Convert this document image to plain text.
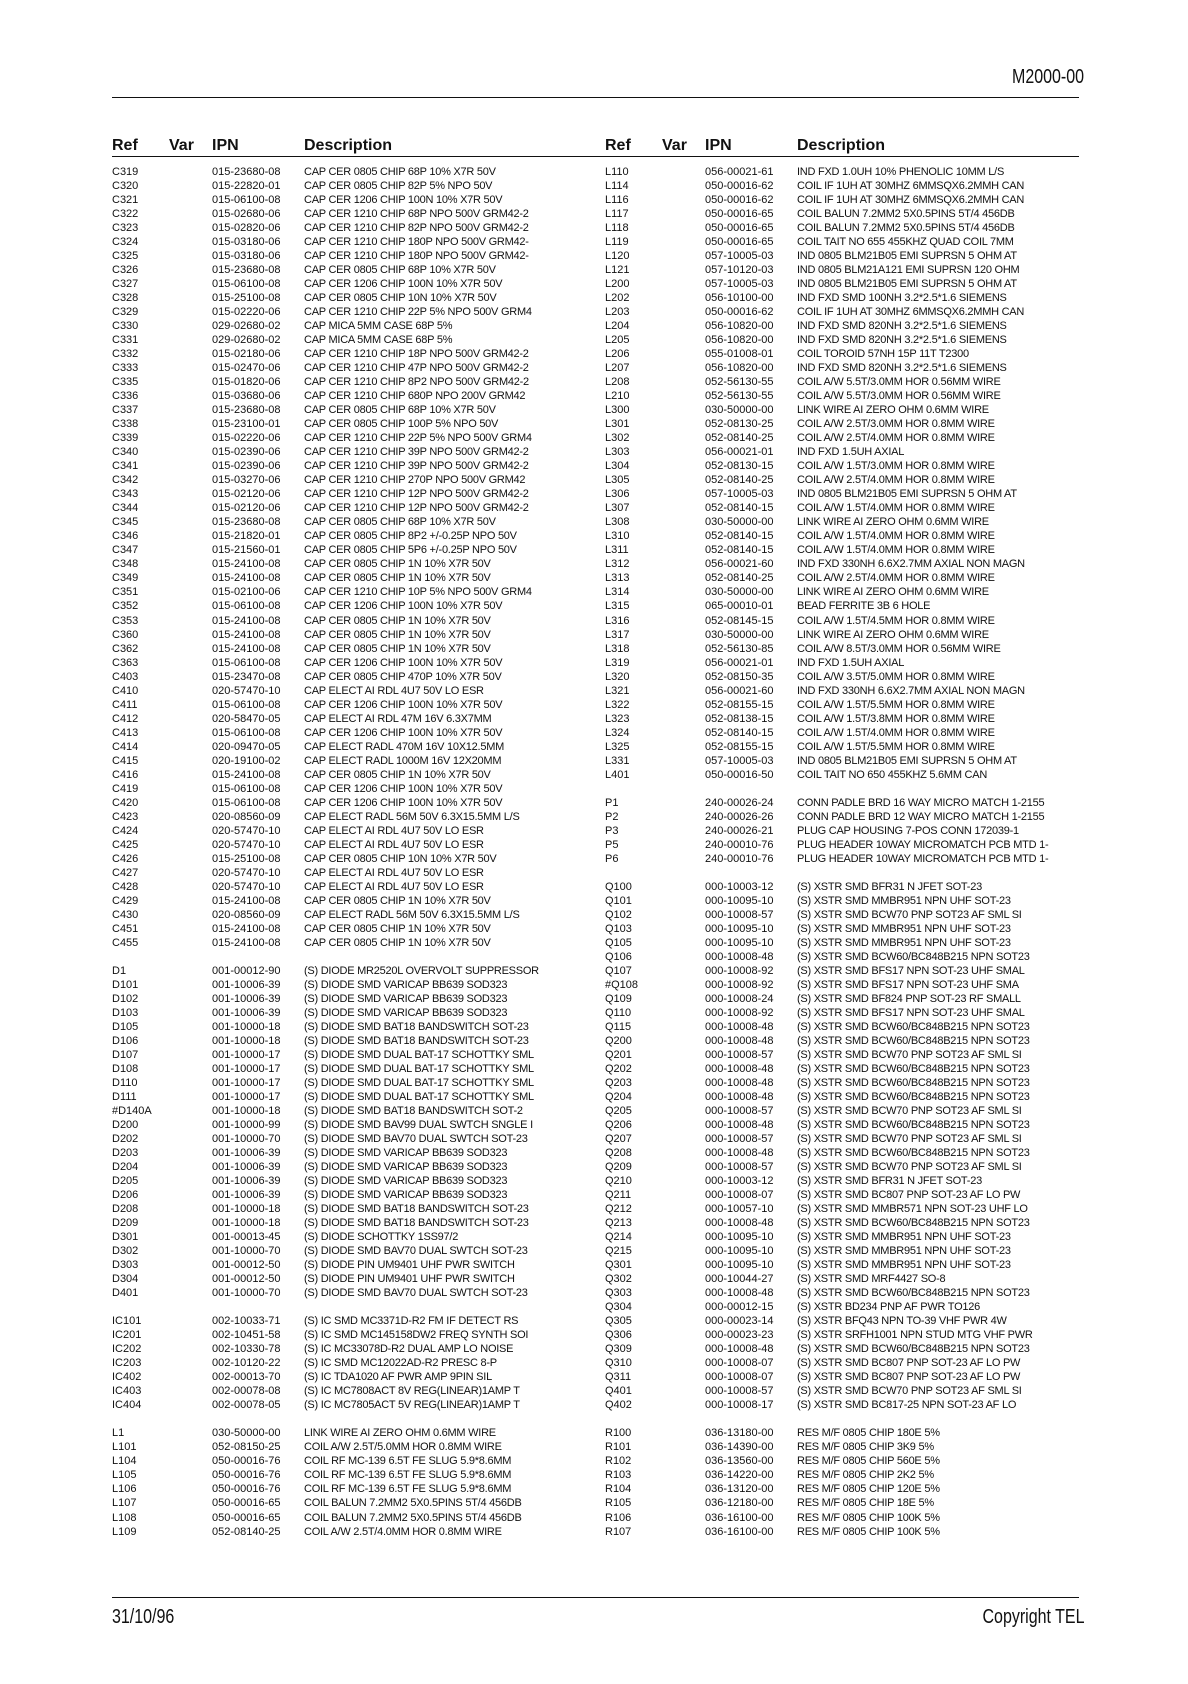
M2000-00
Ref	Var	IPN	Description
C319	015-23680-08	CAP CER 0805 CHIP 68P 10% X7R 50V
C320	015-22820-01	CAP CER 0805 CHIP 82P 5% NPO 50V
C321	015-06100-08	CAP CER 1206 CHIP 100N 10% X7R 50V
C322	015-02680-06	CAP CER 1210 CHIP 68P NPO 500V GRM42-2
C323	015-02820-06	CAP CER 1210 CHIP 82P NPO 500V GRM42-2
C324	015-03180-06	CAP CER 1210 CHIP 180P NPO 500V GRM42-
C325	015-03180-06	CAP CER 1210 CHIP 180P NPO 500V GRM42-
C326	015-23680-08	CAP CER 0805 CHIP 68P 10% X7R 50V
C327	015-06100-08	CAP CER 1206 CHIP 100N 10% X7R 50V
C328	015-25100-08	CAP CER 0805 CHIP 10N 10% X7R 50V
C329	015-02220-06	CAP CER 1210 CHIP 22P 5% NPO 500V GRM4
C330	029-02680-02	CAP MICA 5MM CASE 68P 5%
C331	029-02680-02	CAP MICA 5MM CASE 68P 5%
C332	015-02180-06	CAP CER 1210 CHIP 18P NPO 500V GRM42-2
C333	015-02470-06	CAP CER 1210 CHIP 47P NPO 500V GRM42-2
C335	015-01820-06	CAP CER 1210 CHIP 8P2 NPO 500V GRM42-2
C336	015-03680-06	CAP CER 1210 CHIP 680P NPO 200V GRM42
C337	015-23680-08	CAP CER 0805 CHIP 68P 10% X7R 50V
C338	015-23100-01	CAP CER 0805 CHIP 100P 5% NPO 50V
C339	015-02220-06	CAP CER 1210 CHIP 22P 5% NPO 500V GRM4
C340	015-02390-06	CAP CER 1210 CHIP 39P NPO 500V GRM42-2
C341	015-02390-06	CAP CER 1210 CHIP 39P NPO 500V GRM42-2
C342	015-03270-06	CAP CER 1210 CHIP 270P NPO 500V GRM42
C343	015-02120-06	CAP CER 1210 CHIP 12P NPO 500V GRM42-2
C344	015-02120-06	CAP CER 1210 CHIP 12P NPO 500V GRM42-2
C345	015-23680-08	CAP CER 0805 CHIP 68P 10% X7R 50V
C346	015-21820-01	CAP CER 0805 CHIP 8P2 +/-0.25P NPO 50V
C347	015-21560-01	CAP CER 0805 CHIP 5P6 +/-0.25P NPO 50V
C348	015-24100-08	CAP CER 0805 CHIP 1N 10% X7R 50V
C349	015-24100-08	CAP CER 0805 CHIP 1N 10% X7R 50V
C351	015-02100-06	CAP CER 1210 CHIP 10P 5% NPO 500V GRM4
C352	015-06100-08	CAP CER 1206 CHIP 100N 10% X7R 50V
C353	015-24100-08	CAP CER 0805 CHIP 1N 10% X7R 50V
C360	015-24100-08	CAP CER 0805 CHIP 1N 10% X7R 50V
C362	015-24100-08	CAP CER 0805 CHIP 1N 10% X7R 50V
C363	015-06100-08	CAP CER 1206 CHIP 100N 10% X7R 50V
C403	015-23470-08	CAP CER 0805 CHIP 470P 10% X7R 50V
C410	020-57470-10	CAP ELECT AI RDL 4U7 50V LO ESR
C411	015-06100-08	CAP CER 1206 CHIP 100N 10% X7R 50V
C412	020-58470-05	CAP ELECT AI RDL 47M 16V 6.3X7MM
C413	015-06100-08	CAP CER 1206 CHIP 100N 10% X7R 50V
C414	020-09470-05	CAP ELECT RADL 470M 16V 10X12.5MM
C415	020-19100-02	CAP ELECT RADL 1000M 16V 12X20MM
C416	015-24100-08	CAP CER 0805 CHIP 1N 10% X7R 50V
C419	015-06100-08	CAP CER 1206 CHIP 100N 10% X7R 50V
C420	015-06100-08	CAP CER 1206 CHIP 100N 10% X7R 50V
C423	020-08560-09	CAP ELECT RADL 56M 50V 6.3X15.5MM L/S
C424	020-57470-10	CAP ELECT AI RDL 4U7 50V LO ESR
C425	020-57470-10	CAP ELECT AI RDL 4U7 50V LO ESR
C426	015-25100-08	CAP CER 0805 CHIP 10N 10% X7R 50V
C427	020-57470-10	CAP ELECT AI RDL 4U7 50V LO ESR
C428	020-57470-10	CAP ELECT AI RDL 4U7 50V LO ESR
C429	015-24100-08	CAP CER 0805 CHIP 1N 10% X7R 50V
C430	020-08560-09	CAP ELECT RADL 56M 50V 6.3X15.5MM L/S
C451	015-24100-08	CAP CER 0805 CHIP 1N 10% X7R 50V
C455	015-24100-08	CAP CER 0805 CHIP 1N 10% X7R 50V
D1	001-00012-90	(S) DIODE MR2520L OVERVOLT SUPPRESSOR
D101	001-10006-39	(S) DIODE SMD VARICAP BB639 SOD323
D102	001-10006-39	(S) DIODE SMD VARICAP BB639 SOD323
D103	001-10006-39	(S) DIODE SMD VARICAP BB639 SOD323
D105	001-10000-18	(S) DIODE SMD BAT18 BANDSWITCH SOT-23
D106	001-10000-18	(S) DIODE SMD BAT18 BANDSWITCH SOT-23
D107	001-10000-17	(S) DIODE SMD DUAL BAT-17 SCHOTTKY SML
D108	001-10000-17	(S) DIODE SMD DUAL BAT-17 SCHOTTKY SML
D110	001-10000-17	(S) DIODE SMD DUAL BAT-17 SCHOTTKY SML
D111	001-10000-17	(S) DIODE SMD DUAL BAT-17 SCHOTTKY SML
#D140A	001-10000-18	(S) DIODE SMD BAT18 BANDSWITCH SOT-2
D200	001-10000-99	(S) DIODE SMD BAV99 DUAL SWTCH SNGLE I
D202	001-10000-70	(S) DIODE SMD BAV70 DUAL SWTCH SOT-23
D203	001-10006-39	(S) DIODE SMD VARICAP BB639 SOD323
D204	001-10006-39	(S) DIODE SMD VARICAP BB639 SOD323
D205	001-10006-39	(S) DIODE SMD VARICAP BB639 SOD323
D206	001-10006-39	(S) DIODE SMD VARICAP BB639 SOD323
D208	001-10000-18	(S) DIODE SMD BAT18 BANDSWITCH SOT-23
D209	001-10000-18	(S) DIODE SMD BAT18 BANDSWITCH SOT-23
D301	001-00013-45	(S) DIODE SCHOTTKY 1SS97/2
D302	001-10000-70	(S) DIODE SMD BAV70 DUAL SWTCH SOT-23
D303	001-00012-50	(S) DIODE PIN UM9401 UHF PWR SWITCH
D304	001-00012-50	(S) DIODE PIN UM9401 UHF PWR SWITCH
D401	001-10000-70	(S) DIODE SMD BAV70 DUAL SWTCH SOT-23
IC101	002-10033-71	(S) IC SMD MC3371D-R2 FM IF DETECT RS
IC201	002-10451-58	(S) IC SMD MC145158DW2 FREQ SYNTH SOI
IC202	002-10330-78	(S) IC MC33078D-R2 DUAL AMP LO NOISE
IC203	002-10120-22	(S) IC SMD MC12022AD-R2 PRESC 8-P
IC402	002-00013-70	(S) IC TDA1020 AF PWR AMP 9PIN SIL
IC403	002-00078-08	(S) IC MC7808ACT 8V REG(LINEAR)1AMP T
IC404	002-00078-05	(S) IC MC7805ACT 5V REG(LINEAR)1AMP T
L1	030-50000-00	LINK WIRE AI ZERO OHM 0.6MM WIRE
L101	052-08150-25	COIL A/W 2.5T/5.0MM HOR 0.8MM WIRE
L104	050-00016-76	COIL RF MC-139 6.5T FE SLUG 5.9*8.6MM
L105	050-00016-76	COIL RF MC-139 6.5T FE SLUG 5.9*8.6MM
L106	050-00016-76	COIL RF MC-139 6.5T FE SLUG 5.9*8.6MM
L107	050-00016-65	COIL BALUN 7.2MM2 5X0.5PINS 5T/4 456DB
L108	050-00016-65	COIL BALUN 7.2MM2 5X0.5PINS 5T/4 456DB
L109	052-08140-25	COIL A/W 2.5T/4.0MM HOR 0.8MM WIRE
Ref	Var	IPN	Description
L110	056-00021-61	IND FXD 1.0UH 10% PHENOLIC 10MM L/S
L114	050-00016-62	COIL IF 1UH AT 30MHZ 6MMSQX6.2MMH CAN
L116	050-00016-62	COIL IF 1UH AT 30MHZ 6MMSQX6.2MMH CAN
L117	050-00016-65	COIL BALUN 7.2MM2 5X0.5PINS 5T/4 456DB
L118	050-00016-65	COIL BALUN 7.2MM2 5X0.5PINS 5T/4 456DB
L119	050-00016-65	COIL TAIT NO 655 455KHZ QUAD COIL 7MM
L120	057-10005-03	IND 0805 BLM21B05 EMI SUPRSN 5 OHM AT
L121	057-10120-03	IND 0805 BLM21A121 EMI SUPRSN 120 OHM
L200	057-10005-03	IND 0805 BLM21B05 EMI SUPRSN 5 OHM AT
L202	056-10100-00	IND FXD SMD 100NH 3.2*2.5*1.6 SIEMENS
L203	050-00016-62	COIL IF 1UH AT 30MHZ 6MMSQX6.2MMH CAN
L204	056-10820-00	IND FXD SMD 820NH 3.2*2.5*1.6 SIEMENS
L205	056-10820-00	IND FXD SMD 820NH 3.2*2.5*1.6 SIEMENS
L206	055-01008-01	COIL TOROID 57NH 15P 11T T2300
L207	056-10820-00	IND FXD SMD 820NH 3.2*2.5*1.6 SIEMENS
L208	052-56130-55	COIL A/W 5.5T/3.0MM HOR 0.56MM WIRE
L210	052-56130-55	COIL A/W 5.5T/3.0MM HOR 0.56MM WIRE
L300	030-50000-00	LINK WIRE AI ZERO OHM 0.6MM WIRE
L301	052-08130-25	COIL A/W 2.5T/3.0MM HOR 0.8MM WIRE
L302	052-08140-25	COIL A/W 2.5T/4.0MM HOR 0.8MM WIRE
L303	056-00021-01	IND FXD 1.5UH AXIAL
L304	052-08130-15	COIL A/W 1.5T/3.0MM HOR 0.8MM WIRE
L305	052-08140-25	COIL A/W 2.5T/4.0MM HOR 0.8MM WIRE
L306	057-10005-03	IND 0805 BLM21B05 EMI SUPRSN 5 OHM AT
L307	052-08140-15	COIL A/W 1.5T/4.0MM HOR 0.8MM WIRE
L308	030-50000-00	LINK WIRE AI ZERO OHM 0.6MM WIRE
L310	052-08140-15	COIL A/W 1.5T/4.0MM HOR 0.8MM WIRE
L311	052-08140-15	COIL A/W 1.5T/4.0MM HOR 0.8MM WIRE
L312	056-00021-60	IND FXD 330NH 6.6X2.7MM AXIAL NON MAGN
L313	052-08140-25	COIL A/W 2.5T/4.0MM HOR 0.8MM WIRE
L314	030-50000-00	LINK WIRE AI ZERO OHM 0.6MM WIRE
L315	065-00010-01	BEAD FERRITE 3B 6 HOLE
L316	052-08145-15	COIL A/W 1.5T/4.5MM HOR 0.8MM WIRE
L317	030-50000-00	LINK WIRE AI ZERO OHM 0.6MM WIRE
L318	052-56130-85	COIL A/W 8.5T/3.0MM HOR 0.56MM WIRE
L319	056-00021-01	IND FXD 1.5UH AXIAL
L320	052-08150-35	COIL A/W 3.5T/5.0MM HOR 0.8MM WIRE
L321	056-00021-60	IND FXD 330NH 6.6X2.7MM AXIAL NON MAGN
L322	052-08155-15	COIL A/W 1.5T/5.5MM HOR 0.8MM WIRE
L323	052-08138-15	COIL A/W 1.5T/3.8MM HOR 0.8MM WIRE
L324	052-08140-15	COIL A/W 1.5T/4.0MM HOR 0.8MM WIRE
L325	052-08155-15	COIL A/W 1.5T/5.5MM HOR 0.8MM WIRE
L331	057-10005-03	IND 0805 BLM21B05 EMI SUPRSN 5 OHM AT
L401	050-00016-50	COIL TAIT NO 650 455KHZ 5.6MM CAN
P1	240-00026-24	CONN PADLE BRD 16 WAY MICRO MATCH 1-2155
P2	240-00026-26	CONN PADLE BRD 12 WAY MICRO MATCH 1-2155
P3	240-00026-21	PLUG CAP HOUSING 7-POS CONN 172039-1
P5	240-00010-76	PLUG HEADER 10WAY MICROMATCH PCB MTD 1-
P6	240-00010-76	PLUG HEADER 10WAY MICROMATCH PCB MTD 1-
Q100	000-10003-12	(S) XSTR SMD BFR31 N JFET SOT-23
Q101	000-10095-10	(S) XSTR SMD MMBR951 NPN UHF SOT-23
Q102	000-10008-57	(S) XSTR SMD BCW70 PNP SOT23 AF SML SI
Q103	000-10095-10	(S) XSTR SMD MMBR951 NPN UHF SOT-23
Q105	000-10095-10	(S) XSTR SMD MMBR951 NPN UHF SOT-23
Q106	000-10008-48	(S) XSTR SMD BCW60/BC848B215 NPN SOT23
Q107	000-10008-92	(S) XSTR SMD BFS17 NPN SOT-23 UHF SMAL
#Q108	000-10008-92	(S) XSTR SMD BFS17 NPN SOT-23 UHF SMA
Q109	000-10008-24	(S) XSTR SMD BF824 PNP SOT-23 RF SMALL
Q110	000-10008-92	(S) XSTR SMD BFS17 NPN SOT-23 UHF SMAL
Q115	000-10008-48	(S) XSTR SMD BCW60/BC848B215 NPN SOT23
Q200	000-10008-48	(S) XSTR SMD BCW60/BC848B215 NPN SOT23
Q201	000-10008-57	(S) XSTR SMD BCW70 PNP SOT23 AF SML SI
Q202	000-10008-48	(S) XSTR SMD BCW60/BC848B215 NPN SOT23
Q203	000-10008-48	(S) XSTR SMD BCW60/BC848B215 NPN SOT23
Q204	000-10008-48	(S) XSTR SMD BCW60/BC848B215 NPN SOT23
Q205	000-10008-57	(S) XSTR SMD BCW70 PNP SOT23 AF SML SI
Q206	000-10008-48	(S) XSTR SMD BCW60/BC848B215 NPN SOT23
Q207	000-10008-57	(S) XSTR SMD BCW70 PNP SOT23 AF SML SI
Q208	000-10008-48	(S) XSTR SMD BCW60/BC848B215 NPN SOT23
Q209	000-10008-57	(S) XSTR SMD BCW70 PNP SOT23 AF SML SI
Q210	000-10003-12	(S) XSTR SMD BFR31 N JFET SOT-23
Q211	000-10008-07	(S) XSTR SMD BC807 PNP SOT-23 AF LO PW
Q212	000-10057-10	(S) XSTR SMD MMBR571 NPN SOT-23 UHF LO
Q213	000-10008-48	(S) XSTR SMD BCW60/BC848B215 NPN SOT23
Q214	000-10095-10	(S) XSTR SMD MMBR951 NPN UHF SOT-23
Q215	000-10095-10	(S) XSTR SMD MMBR951 NPN UHF SOT-23
Q301	000-10095-10	(S) XSTR SMD MMBR951 NPN UHF SOT-23
Q302	000-10044-27	(S) XSTR SMD MRF4427 SO-8
Q303	000-10008-48	(S) XSTR SMD BCW60/BC848B215 NPN SOT23
Q304	000-00012-15	(S) XSTR BD234 PNP AF PWR TO126
Q305	000-00023-14	(S) XSTR BFQ43 NPN TO-39 VHF PWR 4W
Q306	000-00023-23	(S) XSTR SRFH1001 NPN STUD MTG VHF PWR
Q309	000-10008-48	(S) XSTR SMD BCW60/BC848B215 NPN SOT23
Q310	000-10008-07	(S) XSTR SMD BC807 PNP SOT-23 AF LO PW
Q311	000-10008-07	(S) XSTR SMD BC807 PNP SOT-23 AF LO PW
Q401	000-10008-57	(S) XSTR SMD BCW70 PNP SOT23 AF SML SI
Q402	000-10008-17	(S) XSTR SMD BC817-25 NPN SOT-23 AF LO
R100	036-13180-00	RES M/F 0805 CHIP 180E 5%
R101	036-14390-00	RES M/F 0805 CHIP 3K9 5%
R102	036-13560-00	RES M/F 0805 CHIP 560E 5%
R103	036-14220-00	RES M/F 0805 CHIP 2K2 5%
R104	036-13120-00	RES M/F 0805 CHIP 120E 5%
R105	036-12180-00	RES M/F 0805 CHIP 18E 5%
R106	036-16100-00	RES M/F 0805 CHIP 100K 5%
R107	036-16100-00	RES M/F 0805 CHIP 100K 5%
31/10/96	Copyright TEL
